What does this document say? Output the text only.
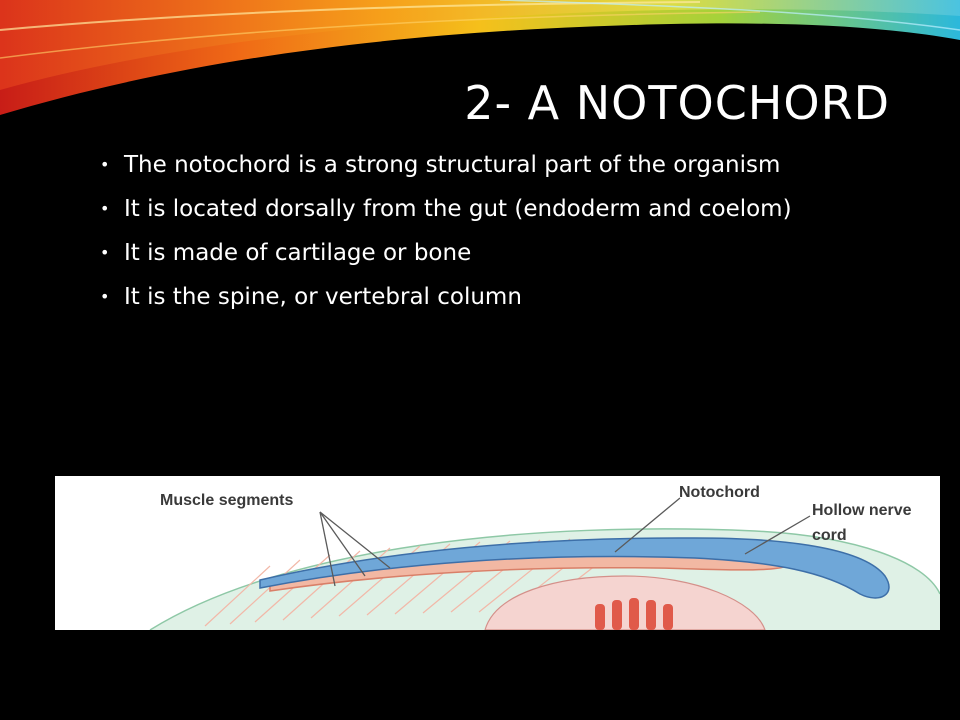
2- A NOTOCHORD
• The notochord is a strong structural part of the organism
• It is located dorsally from the gut (endoderm and coelom)
• It is made of cartilage or bone
• It is the spine, or vertebral column
Muscle segments	Notochord
Hollow nerve
cord
